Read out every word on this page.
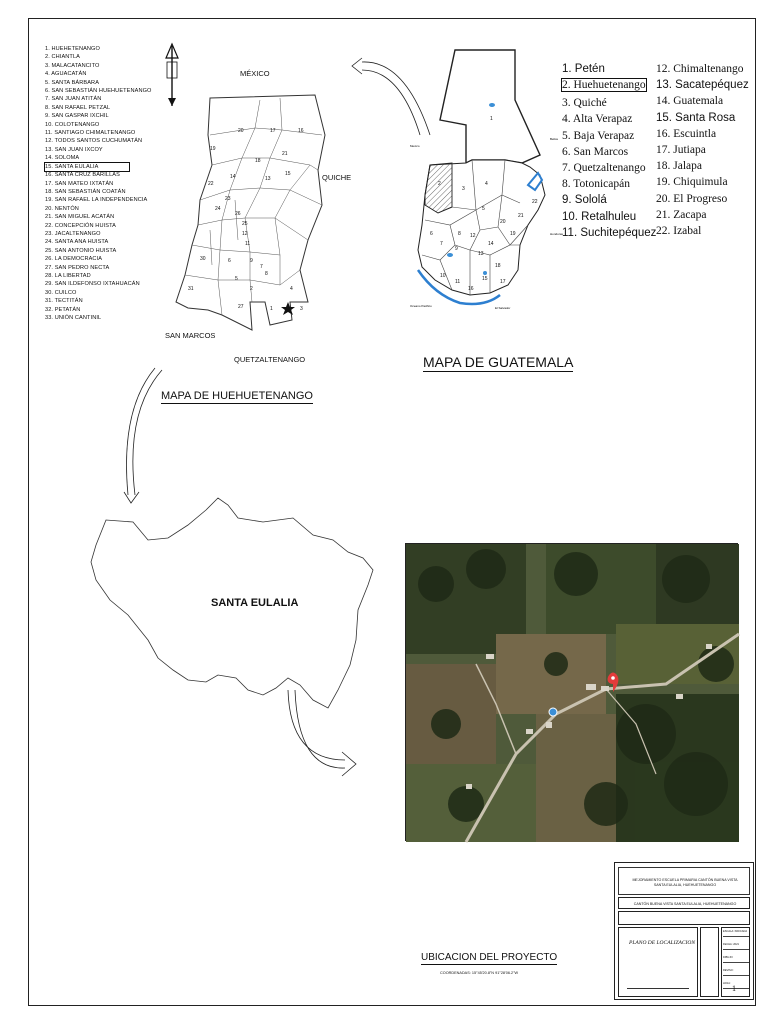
1. HUEHETENANGO
2. CHIANTLA
3. MALACATANCITO
4. AGUACATÁN
5. SANTA BÁRBARA
6. SAN SEBASTIÁN HUEHUETENANGO
7. SAN JUAN ATITÁN
8. SAN RAFAEL PETZAL
9. SAN GASPAR IXCHIL
10. COLOTENANGO
11. SANTIAGO CHIMALTENANGO
12. TODOS SANTOS CUCHUMATÁN
13. SAN JUAN IXCOY
14. SOLOMA
15. SANTA EULALIA
16. SANTA CRUZ BARILLAS
17. SAN MATEO IXTATÁN
18. SAN SEBASTIÁN COATÁN
19. SAN RAFAEL LA INDEPENDENCIA
20. NENTÓN
21. SAN MIGUEL ACATÁN
22. CONCEPCIÓN HUISTA
23. JACALTENANGO
24. SANTA ANA HUISTA
25. SAN ANTONIO HUISTA
26. LA DEMOCRACIA
27. SAN PEDRO NECTA
28. LA LIBERTAD
29. SAN ILDEFONSO IXTAHUACÁN
30. CUILCO
31. TECTITÁN
32. PETATÁN
33. UNIÓN CANTINIL
20	17	16
19
18
14	13
15
21
22
24
23
26
25
12
11
9
7
6
5
8
30
2
1
31
27
4
3
MÉXICO
QUICHE
SAN MARCOS
QUETZALTENANGO
MAPA DE HUEHUETENANGO
1
2
3
4
5
6
7
8
9
10
11
12
13
14
15
16
17
18
19
20
21
22
Mexico
Belice
Oceano Pacifico	El Salvador
Honduras
MAPA DE GUATEMALA
1. Petén
2. Huehuetenango
3. Quiché
4. Alta Verapaz
5. Baja Verapaz
6. San Marcos
7. Quetzaltenango
8. Totonicapán
9. Sololá
10. Retalhuleu
11. Suchitepéquez
12. Chimaltenango
13. Sacatepéquez
14. Guatemala
15. Santa Rosa
16. Escuintla
17. Jutiapa
18. Jalapa
19. Chiquimula
20. El Progreso
21. Zacapa
22. Izabal
SANTA EULALIA
UBICACION DEL PROYECTO
COORDENADAS: 15°45'20.8"N 91°28'06.2"W
MEJORAMIENTO ESCUELA PRIMARIA CANTÓN BUENA VISTA SANTA EULALIA, HUEHUETENANGO
CANTÓN BUENA VISTA SANTA EULALIA, HUEHUETENANGO
PLANO DE LOCALIZACION
ESCALA: INDICADA
FECHA: 2021
DIBUJO:
REVISO:
HOJA:
1
